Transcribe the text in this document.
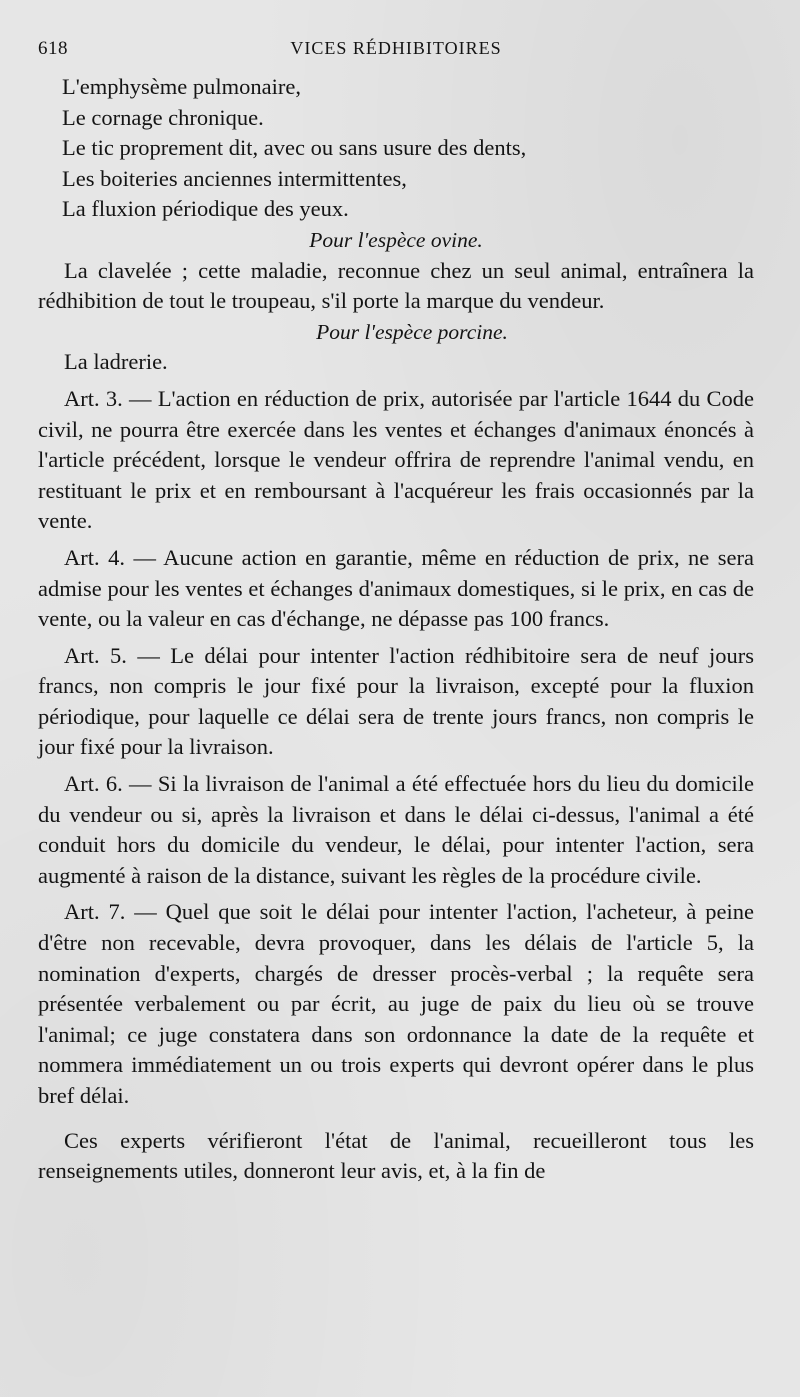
618	VICES RÉDHIBITOIRES

L'emphysème pulmonaire,

Le cornage chronique.

Le tic proprement dit, avec ou sans usure des dents,

Les boiteries anciennes intermittentes,

La fluxion périodique des yeux.

Pour l'espèce ovine.

La clavelée ; cette maladie, reconnue chez un seul animal, entraînera la rédhibition de tout le troupeau, s'il porte la marque du vendeur.

Pour l'espèce porcine.

La ladrerie.

Art. 3. — L'action en réduction de prix, autorisée par l'article 1644 du Code civil, ne pourra être exercée dans les ventes et échanges d'animaux énoncés à l'article précédent, lorsque le vendeur offrira de reprendre l'animal vendu, en restituant le prix et en remboursant à l'acquéreur les frais occasionnés par la vente.

Art. 4. — Aucune action en garantie, même en réduction de prix, ne sera admise pour les ventes et échanges d'animaux domestiques, si le prix, en cas de vente, ou la valeur en cas d'échange, ne dépasse pas 100 francs.

Art. 5. — Le délai pour intenter l'action rédhibitoire sera de neuf jours francs, non compris le jour fixé pour la livraison, excepté pour la fluxion périodique, pour laquelle ce délai sera de trente jours francs, non compris le jour fixé pour la livraison.

Art. 6. — Si la livraison de l'animal a été effectuée hors du lieu du domicile du vendeur ou si, après la livraison et dans le délai ci-dessus, l'animal a été conduit hors du domicile du vendeur, le délai, pour intenter l'action, sera augmenté à raison de la distance, suivant les règles de la procédure civile.

Art. 7. — Quel que soit le délai pour intenter l'action, l'acheteur, à peine d'être non recevable, devra provoquer, dans les délais de l'article 5, la nomination d'experts, chargés de dresser procès-verbal ; la requête sera présentée verbalement ou par écrit, au juge de paix du lieu où se trouve l'animal; ce juge constatera dans son ordonnance la date de la requête et nommera immédiatement un ou trois experts qui devront opérer dans le plus bref délai.

Ces experts vérifieront l'état de l'animal, recueilleront tous les renseignements utiles, donneront leur avis, et, à la fin de
